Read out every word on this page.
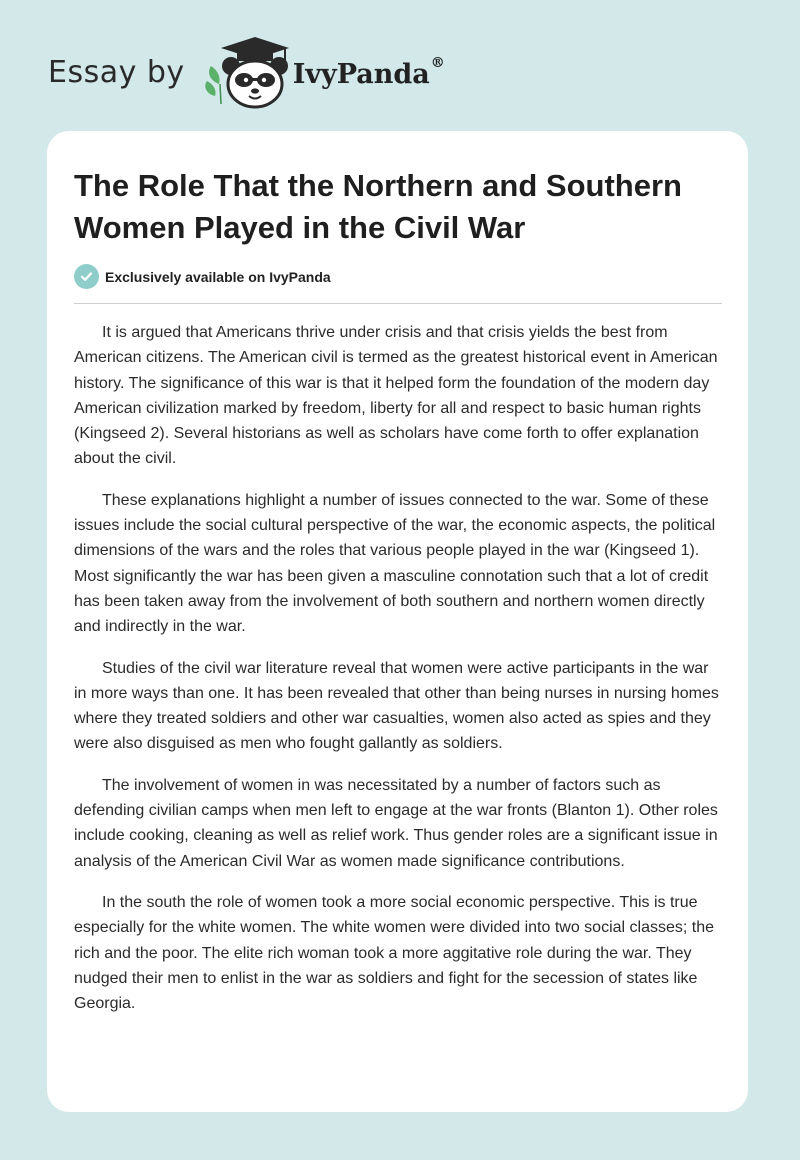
Essay by	IvyPanda®
The Role That the Northern and Southern Women Played in the Civil War
Exclusively available on IvyPanda

It is argued that Americans thrive under crisis and that crisis yields the best from American citizens. The American civil is termed as the greatest historical event in American history. The significance of this war is that it helped form the foundation of the modern day American civilization marked by freedom, liberty for all and respect to basic human rights (Kingseed 2). Several historians as well as scholars have come forth to offer explanation about the civil.

These explanations highlight a number of issues connected to the war. Some of these issues include the social cultural perspective of the war, the economic aspects, the political dimensions of the wars and the roles that various people played in the war (Kingseed 1). Most significantly the war has been given a masculine connotation such that a lot of credit has been taken away from the involvement of both southern and northern women directly and indirectly in the war.

Studies of the civil war literature reveal that women were active participants in the war in more ways than one. It has been revealed that other than being nurses in nursing homes where they treated soldiers and other war casualties, women also acted as spies and they were also disguised as men who fought gallantly as soldiers.

The involvement of women in was necessitated by a number of factors such as defending civilian camps when men left to engage at the war fronts (Blanton 1). Other roles include cooking, cleaning as well as relief work. Thus gender roles are a significant issue in analysis of the American Civil War as women made significance contributions.

In the south the role of women took a more social economic perspective. This is true especially for the white women. The white women were divided into two social classes; the rich and the poor. The elite rich woman took a more aggitative role during the war. They nudged their men to enlist in the war as soldiers and fight for the secession of states like Georgia.
